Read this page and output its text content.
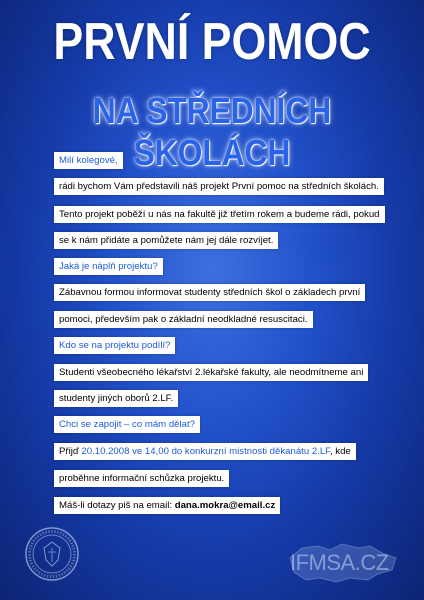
PRVNÍ POMOC
NA STŘEDNÍCH ŠKOLÁCH
Milí kolegové,
rádi bychom Vám představili náš projekt První pomoc na středních školách.
Tento projekt poběží u nás na fakultě již třetím rokem a budeme rádi, pokud
se k nám přidáte a pomůžete nám jej dále rozvíjet.
Jaká je náplň projektu?
Zábavnou formou informovat studenty středních škol o základech první
pomoci, především pak o základní neodkladné resuscitaci.
Kdo se na projektu podílí?
Studenti všeobecného lékařství 2.lékařské fakulty, ale neodmítneme ani
studenty jiných oborů 2.LF.
Chci se zapojit – co mám dělat?
Přijď 20.10.2008 ve 14,00 do konkurzní mistnosti děkanátu 2.LF, kde
proběhne informační schůzka projektu.
Máš-li dotazy piš na email: dana.mokra@email.cz
IFMSA.CZ
